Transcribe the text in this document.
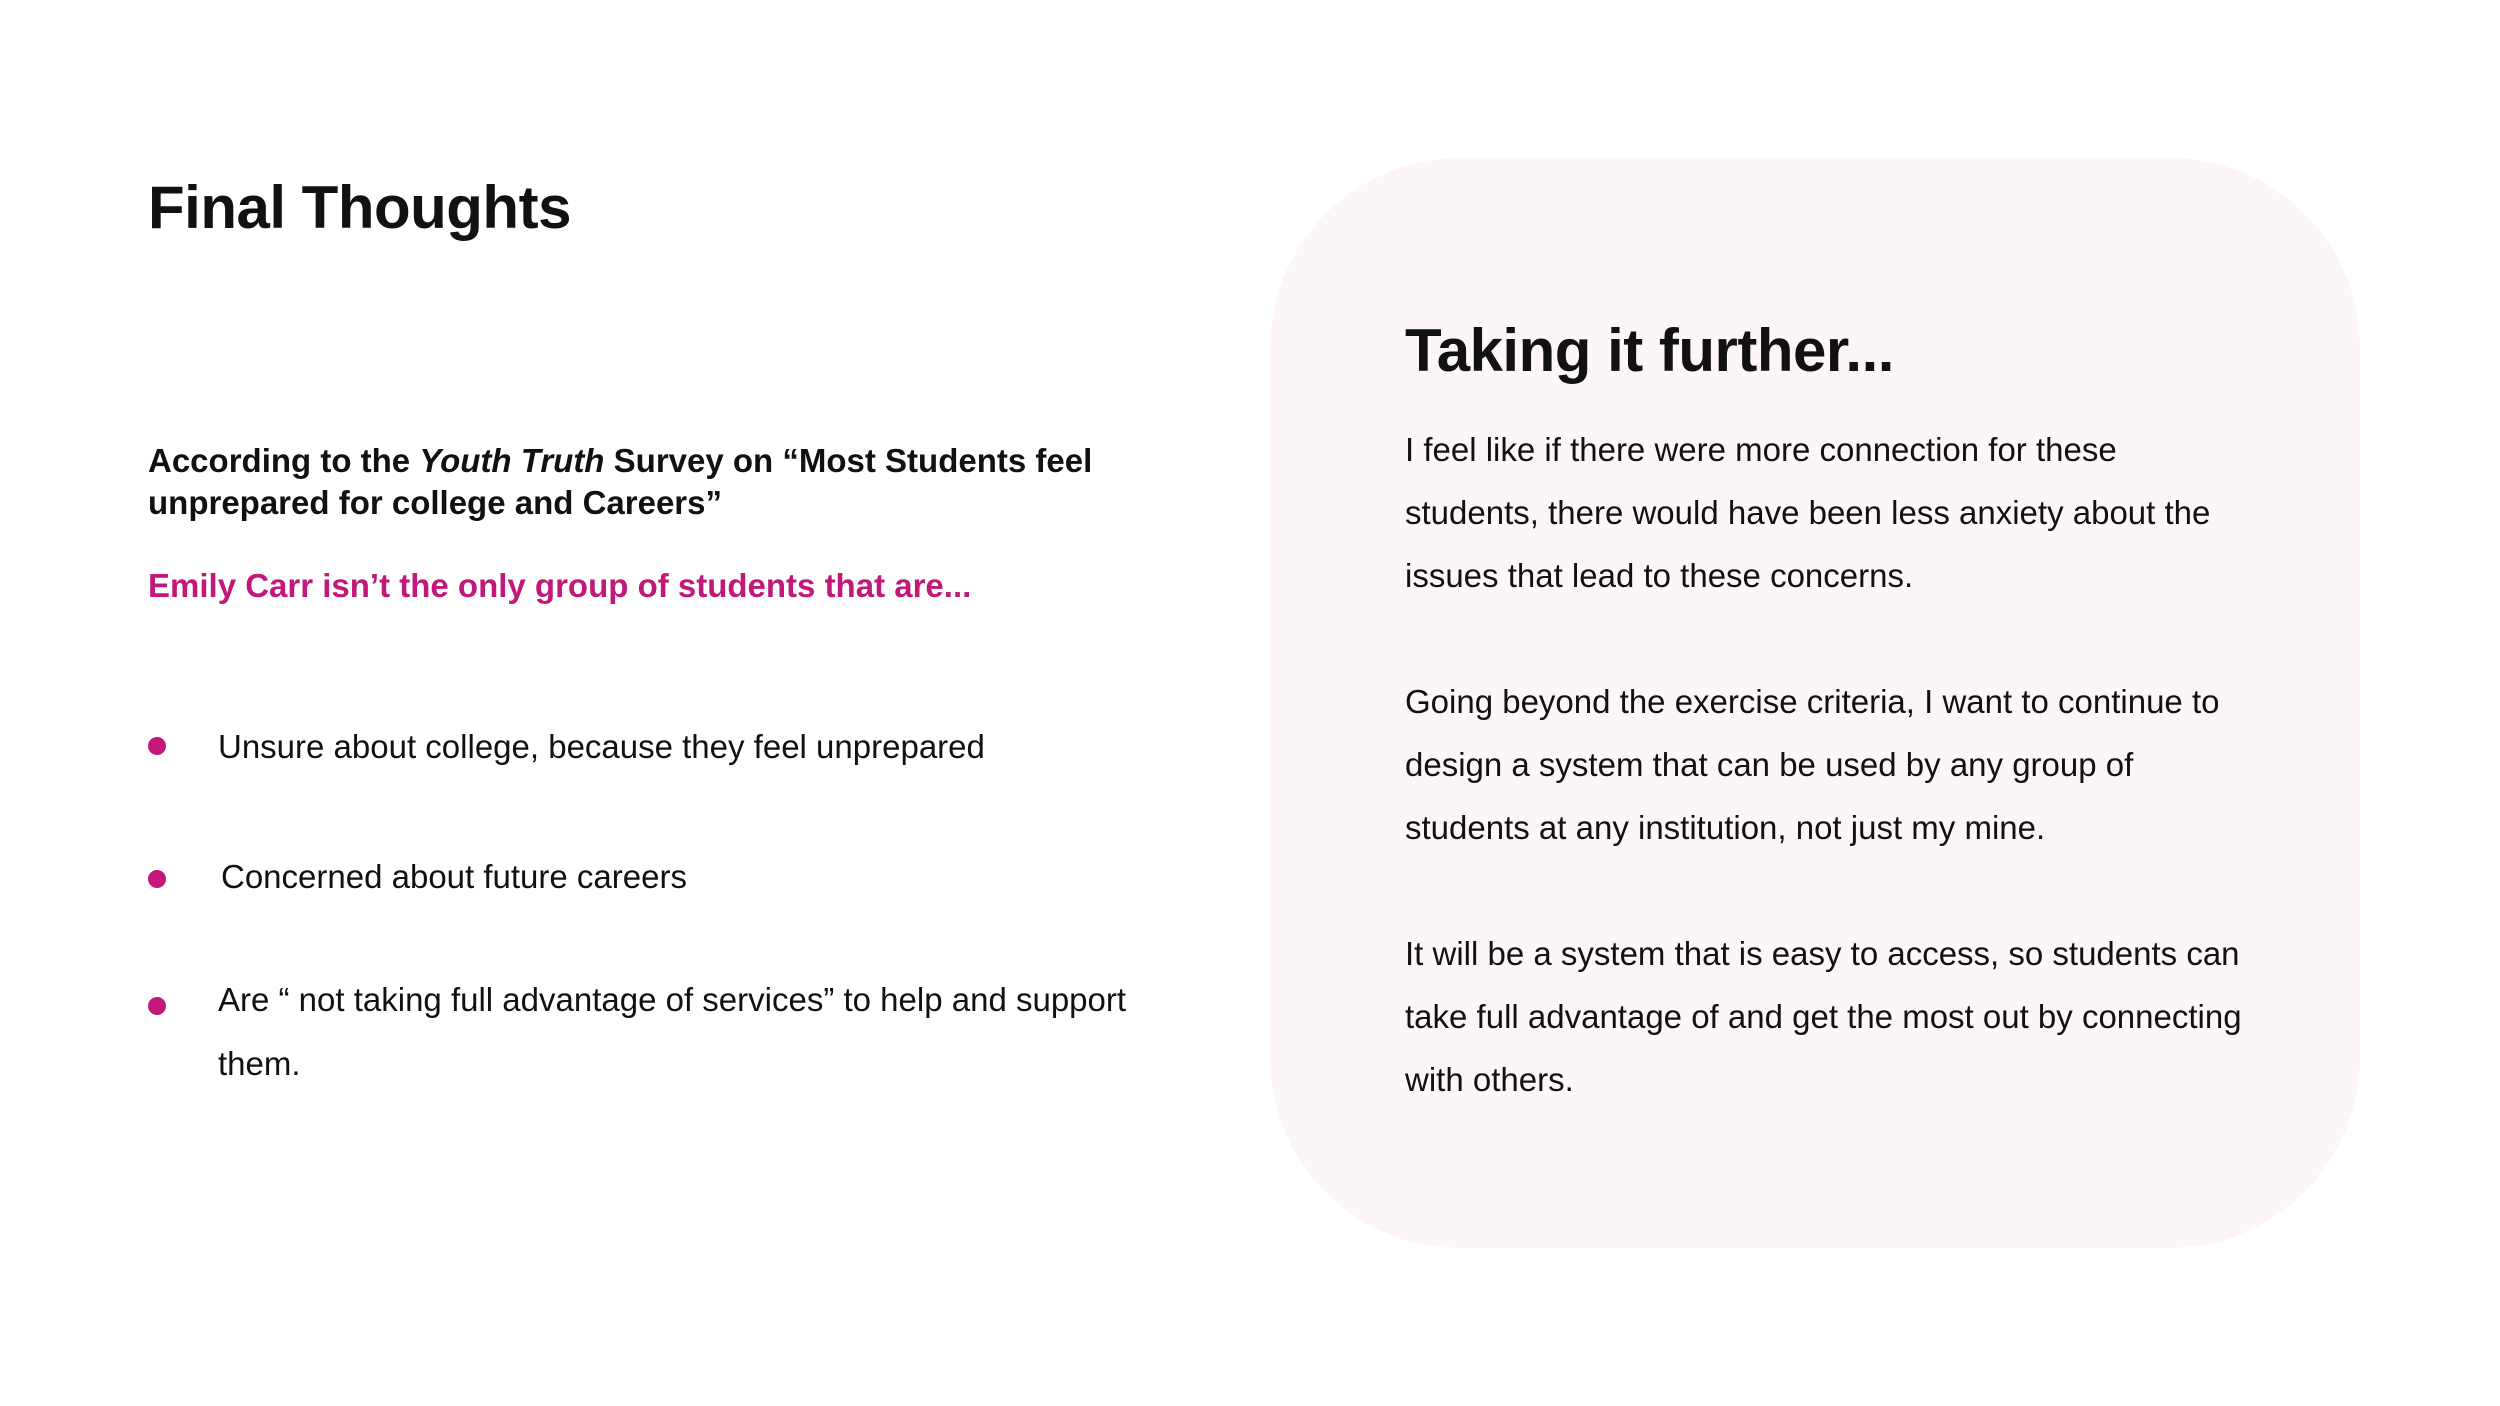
Final Thoughts

According to the Youth Truth Survey on “Most Students feel unprepared for college and Careers”

Emily Carr isn’t the only group of students that are...

Unsure about college, because they feel unprepared
Concerned about future careers
Are “ not taking full advantage of services” to help and support them.
Taking it further...

I feel like if there were more connection for these students, there would have been less anxiety about the issues that lead to these concerns.

Going beyond the exercise criteria, I want to continue to design a system that can be used by any group of students at any institution, not just my mine.

It will be a system that is easy to access, so students can take full advantage of and get the most out by connecting with others.
